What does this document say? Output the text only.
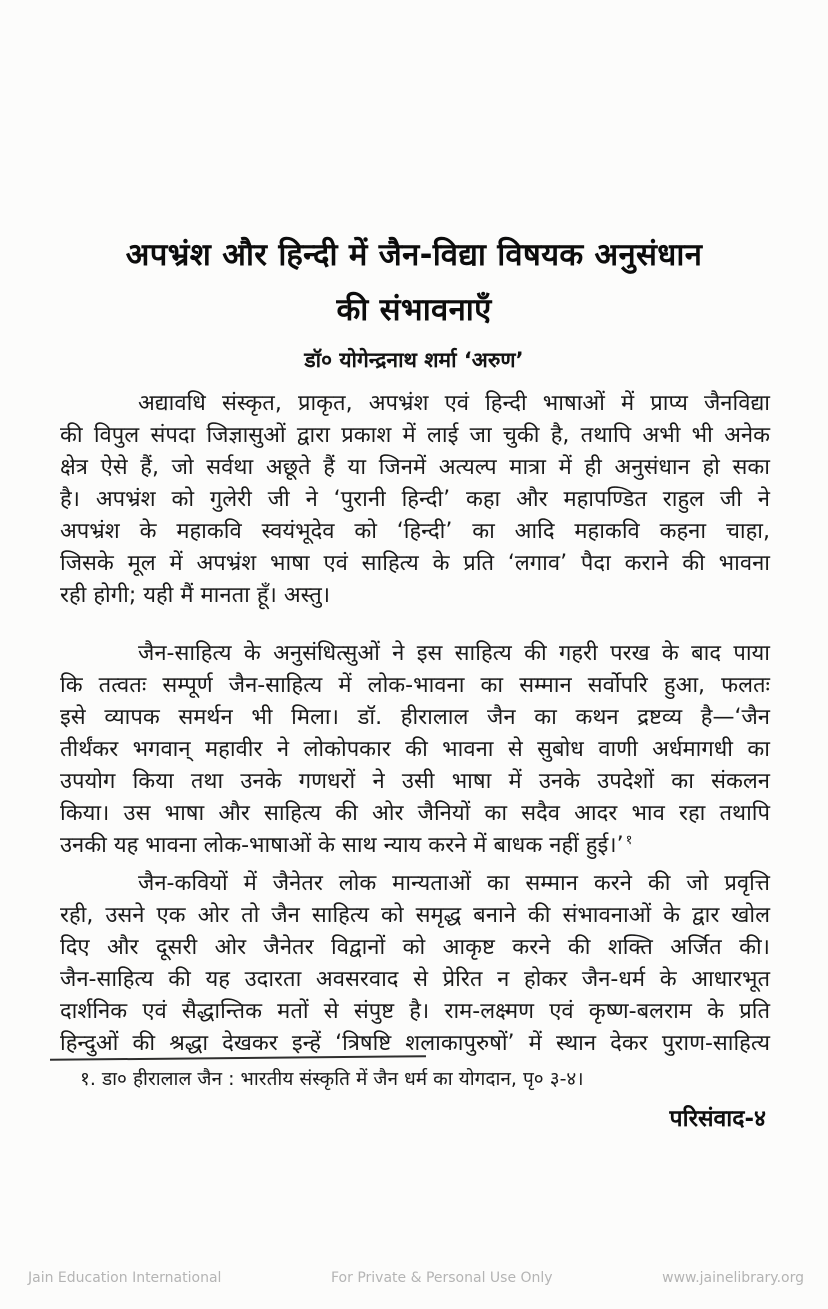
अपभ्रंश और हिन्दी में जैन-विद्या विषयक अनुसंधान
की संभावनाएँ
डॉ० योगेन्द्रनाथ शर्मा ‘अरुण’
अद्यावधि संस्कृत, प्राकृत, अपभ्रंश एवं हिन्दी भाषाओं में प्राप्य जैनविद्या
की विपुल संपदा जिज्ञासुओं द्वारा प्रकाश में लाई जा चुकी है, तथापि अभी भी अनेक
क्षेत्र ऐसे हैं, जो सर्वथा अछूते हैं या जिनमें अत्यल्प मात्रा में ही अनुसंधान हो सका
है। अपभ्रंश को गुलेरी जी ने ‘पुरानी हिन्दी’ कहा और महापण्डित राहुल जी ने
अपभ्रंश के महाकवि स्वयंभूदेव को ‘हिन्दी’ का आदि महाकवि कहना चाहा,
जिसके मूल में अपभ्रंश भाषा एवं साहित्य के प्रति ‘लगाव’ पैदा कराने की भावना
रही होगी; यही मैं मानता हूँ। अस्तु।
जैन-साहित्य के अनुसंधित्सुओं ने इस साहित्य की गहरी परख के बाद पाया
कि तत्वतः सम्पूर्ण जैन-साहित्य में लोक-भावना का सम्मान सर्वोपरि हुआ, फलतः
इसे व्यापक समर्थन भी मिला। डॉ. हीरालाल जैन का कथन द्रष्टव्य है—‘जैन
तीर्थंकर भगवान् महावीर ने लोकोपकार की भावना से सुबोध वाणी अर्धमागधी का
उपयोग किया तथा उनके गणधरों ने उसी भाषा में उनके उपदेशों का संकलन
किया। उस भाषा और साहित्य की ओर जैनियों का सदैव आदर भाव रहा तथापि
उनकी यह भावना लोक-भाषाओं के साथ न्याय करने में बाधक नहीं हुई।’ $^१$
जैन-कवियों में जैनेतर लोक मान्यताओं का सम्मान करने की जो प्रवृत्ति
रही, उसने एक ओर तो जैन साहित्य को समृद्ध बनाने की संभावनाओं के द्वार खोल
दिए और दूसरी ओर जैनेतर विद्वानों को आकृष्ट करने की शक्ति अर्जित की।
जैन-साहित्य की यह उदारता अवसरवाद से प्रेरित न होकर जैन-धर्म के आधारभूत
दार्शनिक एवं सैद्धान्तिक मतों से संपुष्ट है। राम-लक्ष्मण एवं कृष्ण-बलराम के प्रति
हिन्दुओं की श्रद्धा देखकर इन्हें ‘त्रिषष्टि शलाकापुरुषों’ में स्थान देकर पुराण-साहित्य
१. डा० हीरालाल जैन : भारतीय संस्कृति में जैन धर्म का योगदान, पृ० ३-४।
परिसंवाद-४
Jain Education International	For Private & Personal Use Only	www.jainelibrary.org
